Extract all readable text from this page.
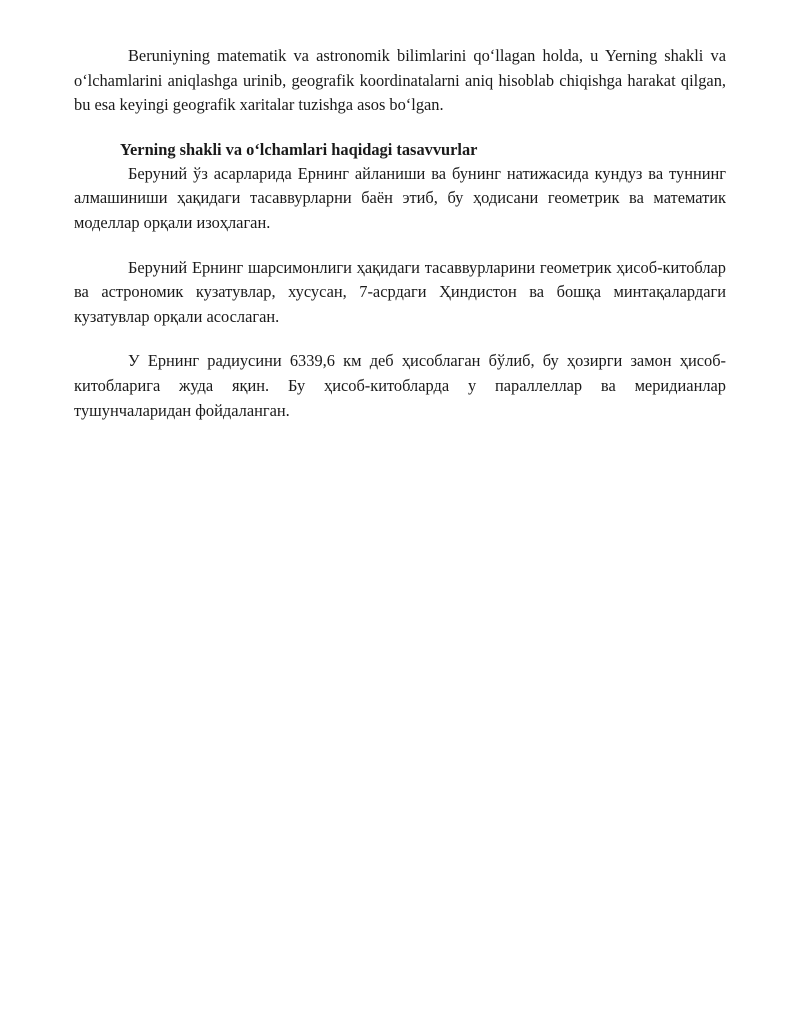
Beruniyning matematik va astronomik bilimlarini qo‘llagan holda, u Yerning shakli va o‘lchamlarini aniqlashga urinib, geografik koordinatalarni aniq hisoblab chiqishga harakat qilgan, bu esa keyingi geografik xaritalar tuzishga asos bo‘lgan.

Yerning shakli va o‘lchamlari haqidagi tasavvurlar

Беруний ўз асарларида Ернинг айланиши ва бунинг натижасида кундуз ва туннинг алмашиниши ҳақидаги тасаввурларни баён этиб, бу ҳодисани геометрик ва математик моделлар орқали изоҳлаган.

Беруний Ернинг шарсимонлиги ҳақидаги тасаввурларини геометрик ҳисоб-китоблар ва астрономик кузатувлар, хусусан, 7-асрдаги Ҳиндистон ва бошқа минтақалардаги кузатувлар орқали асослаган.

У Ернинг радиусини 6339,6 км деб ҳисоблаган бўлиб, бу ҳозирги замон ҳисоб-китобларига жуда яқин. Бу ҳисоб-китобларда у параллеллар ва меридианлар тушунчаларидан фойдаланган.
